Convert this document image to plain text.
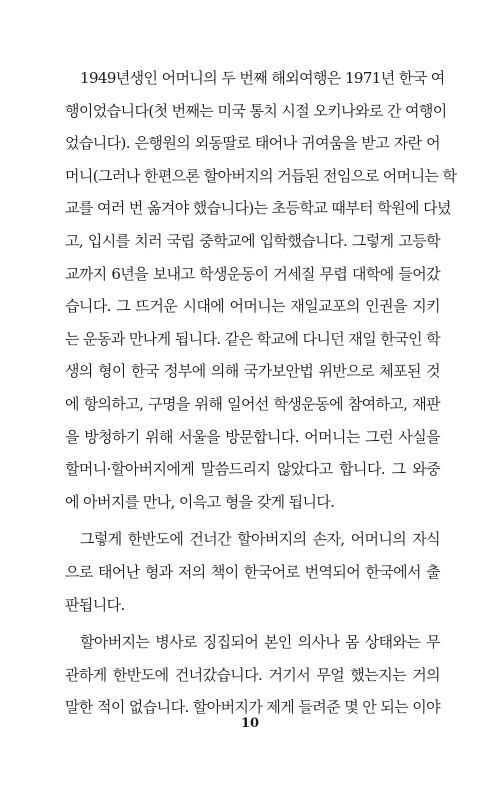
1949년생인 어머니의 두 번째 해외여행은 1971년 한국 여
행이었습니다(첫 번째는 미국 통치 시절 오키나와로 간 여행이
었습니다). 은행원의 외동딸로 태어나 귀여움을 받고 자란 어
머니(그러나 한편으론 할아버지의 거듭된 전임으로 어머니는 학
교를 여러 번 옮겨야 했습니다)는 초등학교 때부터 학원에 다녔
고, 입시를 치러 국립 중학교에 입학했습니다. 그렇게 고등학
교까지 6년을 보내고 학생운동이 거세질 무렵 대학에 들어갔
습니다. 그 뜨거운 시대에 어머니는 재일교포의 인권을 지키
는 운동과 만나게 됩니다. 같은 학교에 다니던 재일 한국인 학
생의 형이 한국 정부에 의해 국가보안법 위반으로 체포된 것
에 항의하고, 구명을 위해 일어선 학생운동에 참여하고, 재판
을 방청하기 위해 서울을 방문합니다. 어머니는 그런 사실을
할머니·할아버지에게 말씀드리지 않았다고 합니다. 그 와중
에 아버지를 만나, 이윽고 형을 갖게 됩니다.

그렇게 한반도에 건너간 할아버지의 손자, 어머니의 자식
으로 태어난 형과 저의 책이 한국어로 번역되어 한국에서 출
판됩니다.

할아버지는 병사로 징집되어 본인 의사나 몸 상태와는 무
관하게 한반도에 건너갔습니다. 거기서 무얼 했는지는 거의
말한 적이 없습니다. 할아버지가 제게 들려준 몇 안 되는 이야

10
